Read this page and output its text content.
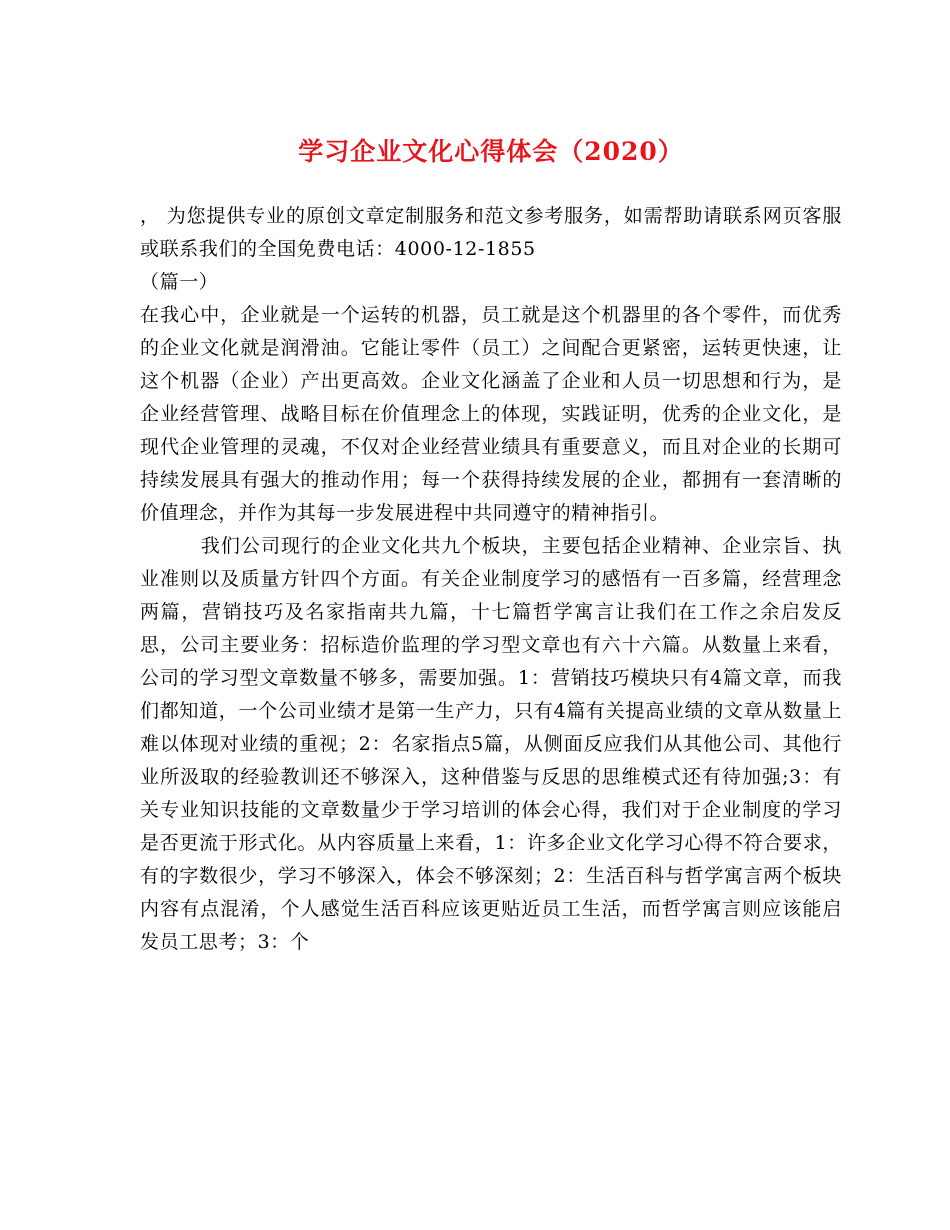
学习企业文化心得体会（2020）

， 为您提供专业的原创文章定制服务和范文参考服务，如需帮助请联系网页客服或联系我们的全国免费电话：4000-12-1855

（篇一）

在我心中，企业就是一个运转的机器，员工就是这个机器里的各个零件，而优秀的企业文化就是润滑油。它能让零件（员工）之间配合更紧密，运转更快速，让这个机器（企业）产出更高效。企业文化涵盖了企业和人员一切思想和行为，是企业经营管理、战略目标在价值理念上的体现，实践证明，优秀的企业文化，是现代企业管理的灵魂，不仅对企业经营业绩具有重要意义，而且对企业的长期可持续发展具有强大的推动作用；每一个获得持续发展的企业，都拥有一套清晰的价值理念，并作为其每一步发展进程中共同遵守的精神指引。

我们公司现行的企业文化共九个板块，主要包括企业精神、企业宗旨、执业准则以及质量方针四个方面。有关企业制度学习的感悟有一百多篇，经营理念两篇，营销技巧及名家指南共九篇，十七篇哲学寓言让我们在工作之余启发反思，公司主要业务：招标造价监理的学习型文章也有六十六篇。从数量上来看，公司的学习型文章数量不够多，需要加强。1：营销技巧模块只有4篇文章，而我们都知道，一个公司业绩才是第一生产力，只有4篇有关提高业绩的文章从数量上难以体现对业绩的重视；2：名家指点5篇，从侧面反应我们从其他公司、其他行业所汲取的经验教训还不够深入，这种借鉴与反思的思维模式还有待加强;3：有关专业知识技能的文章数量少于学习培训的体会心得，我们对于企业制度的学习是否更流于形式化。从内容质量上来看，1：许多企业文化学习心得不符合要求，有的字数很少，学习不够深入，体会不够深刻；2：生活百科与哲学寓言两个板块内容有点混淆，个人感觉生活百科应该更贴近员工生活，而哲学寓言则应该能启发员工思考；3：个
